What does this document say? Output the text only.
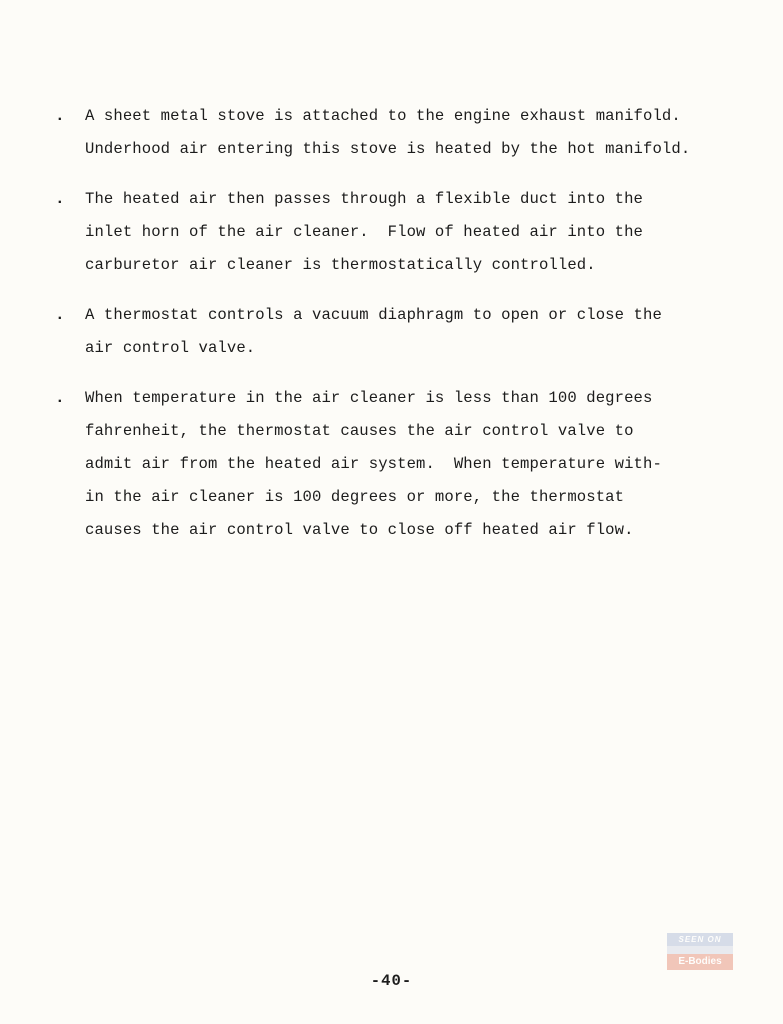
. A sheet metal stove is attached to the engine exhaust manifold.
Underhood air entering this stove is heated by the hot manifold.
. The heated air then passes through a flexible duct into the
inlet horn of the air cleaner.  Flow of heated air into the
carburetor air cleaner is thermostatically controlled.
. A thermostat controls a vacuum diaphragm to open or close the
air control valve.
. When temperature in the air cleaner is less than 100 degrees
fahrenheit, the thermostat causes the air control valve to
admit air from the heated air system.  When temperature with-
in the air cleaner is 100 degrees or more, the thermostat
causes the air control valve to close off heated air flow.
-40-
SEEN ON
E-Bodies
